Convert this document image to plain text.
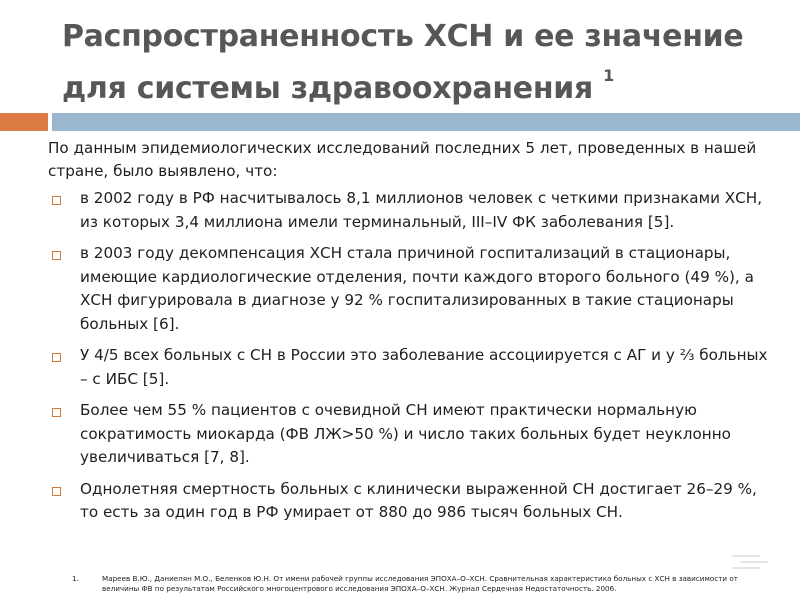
Распространенность ХСН и ее значение
для системы здравоохранения $^1$
По данным эпидемиологических исследований последних 5 лет, проведенных в нашей стране, было выявлено, что:
в 2002 году в РФ насчитывалось 8,1 миллионов человек с четкими признаками ХСН, из которых 3,4 миллиона имели терминальный, III–IV ФК заболевания [5].
в 2003 году декомпенсация ХСН стала причиной госпитализаций в стационары, имеющие кардиологические отделения, почти каждого второго больного (49 %), а ХСН фигурировала в диагнозе у 92 % госпитализированных в такие стационары больных [6].
У 4/5 всех больных с СН в России это заболевание ассоциируется с АГ и у ⅔ больных – с ИБС [5].
Более чем 55 % пациентов с очевидной СН имеют практически нормальную сократимость миокарда (ФВ ЛЖ>50 %) и число таких больных будет неуклонно увеличиваться [7, 8].
Однолетняя смертность больных с клинически выраженной СН достигает 26–29 %, то есть за один год в РФ умирает от 880 до 986 тысяч больных СН.
1.	Мареев В.Ю., Даниелян М.О., Беленков Ю.Н. От имени рабочей группы исследования ЭПОХА–О–ХСН. Сравнительная характеристика больных с ХСН в зависимости от величины ФВ по результатам Российского многоцентрового исследования ЭПОХА–О–ХСН. Журнал Сердечная Недостаточность. 2006.
